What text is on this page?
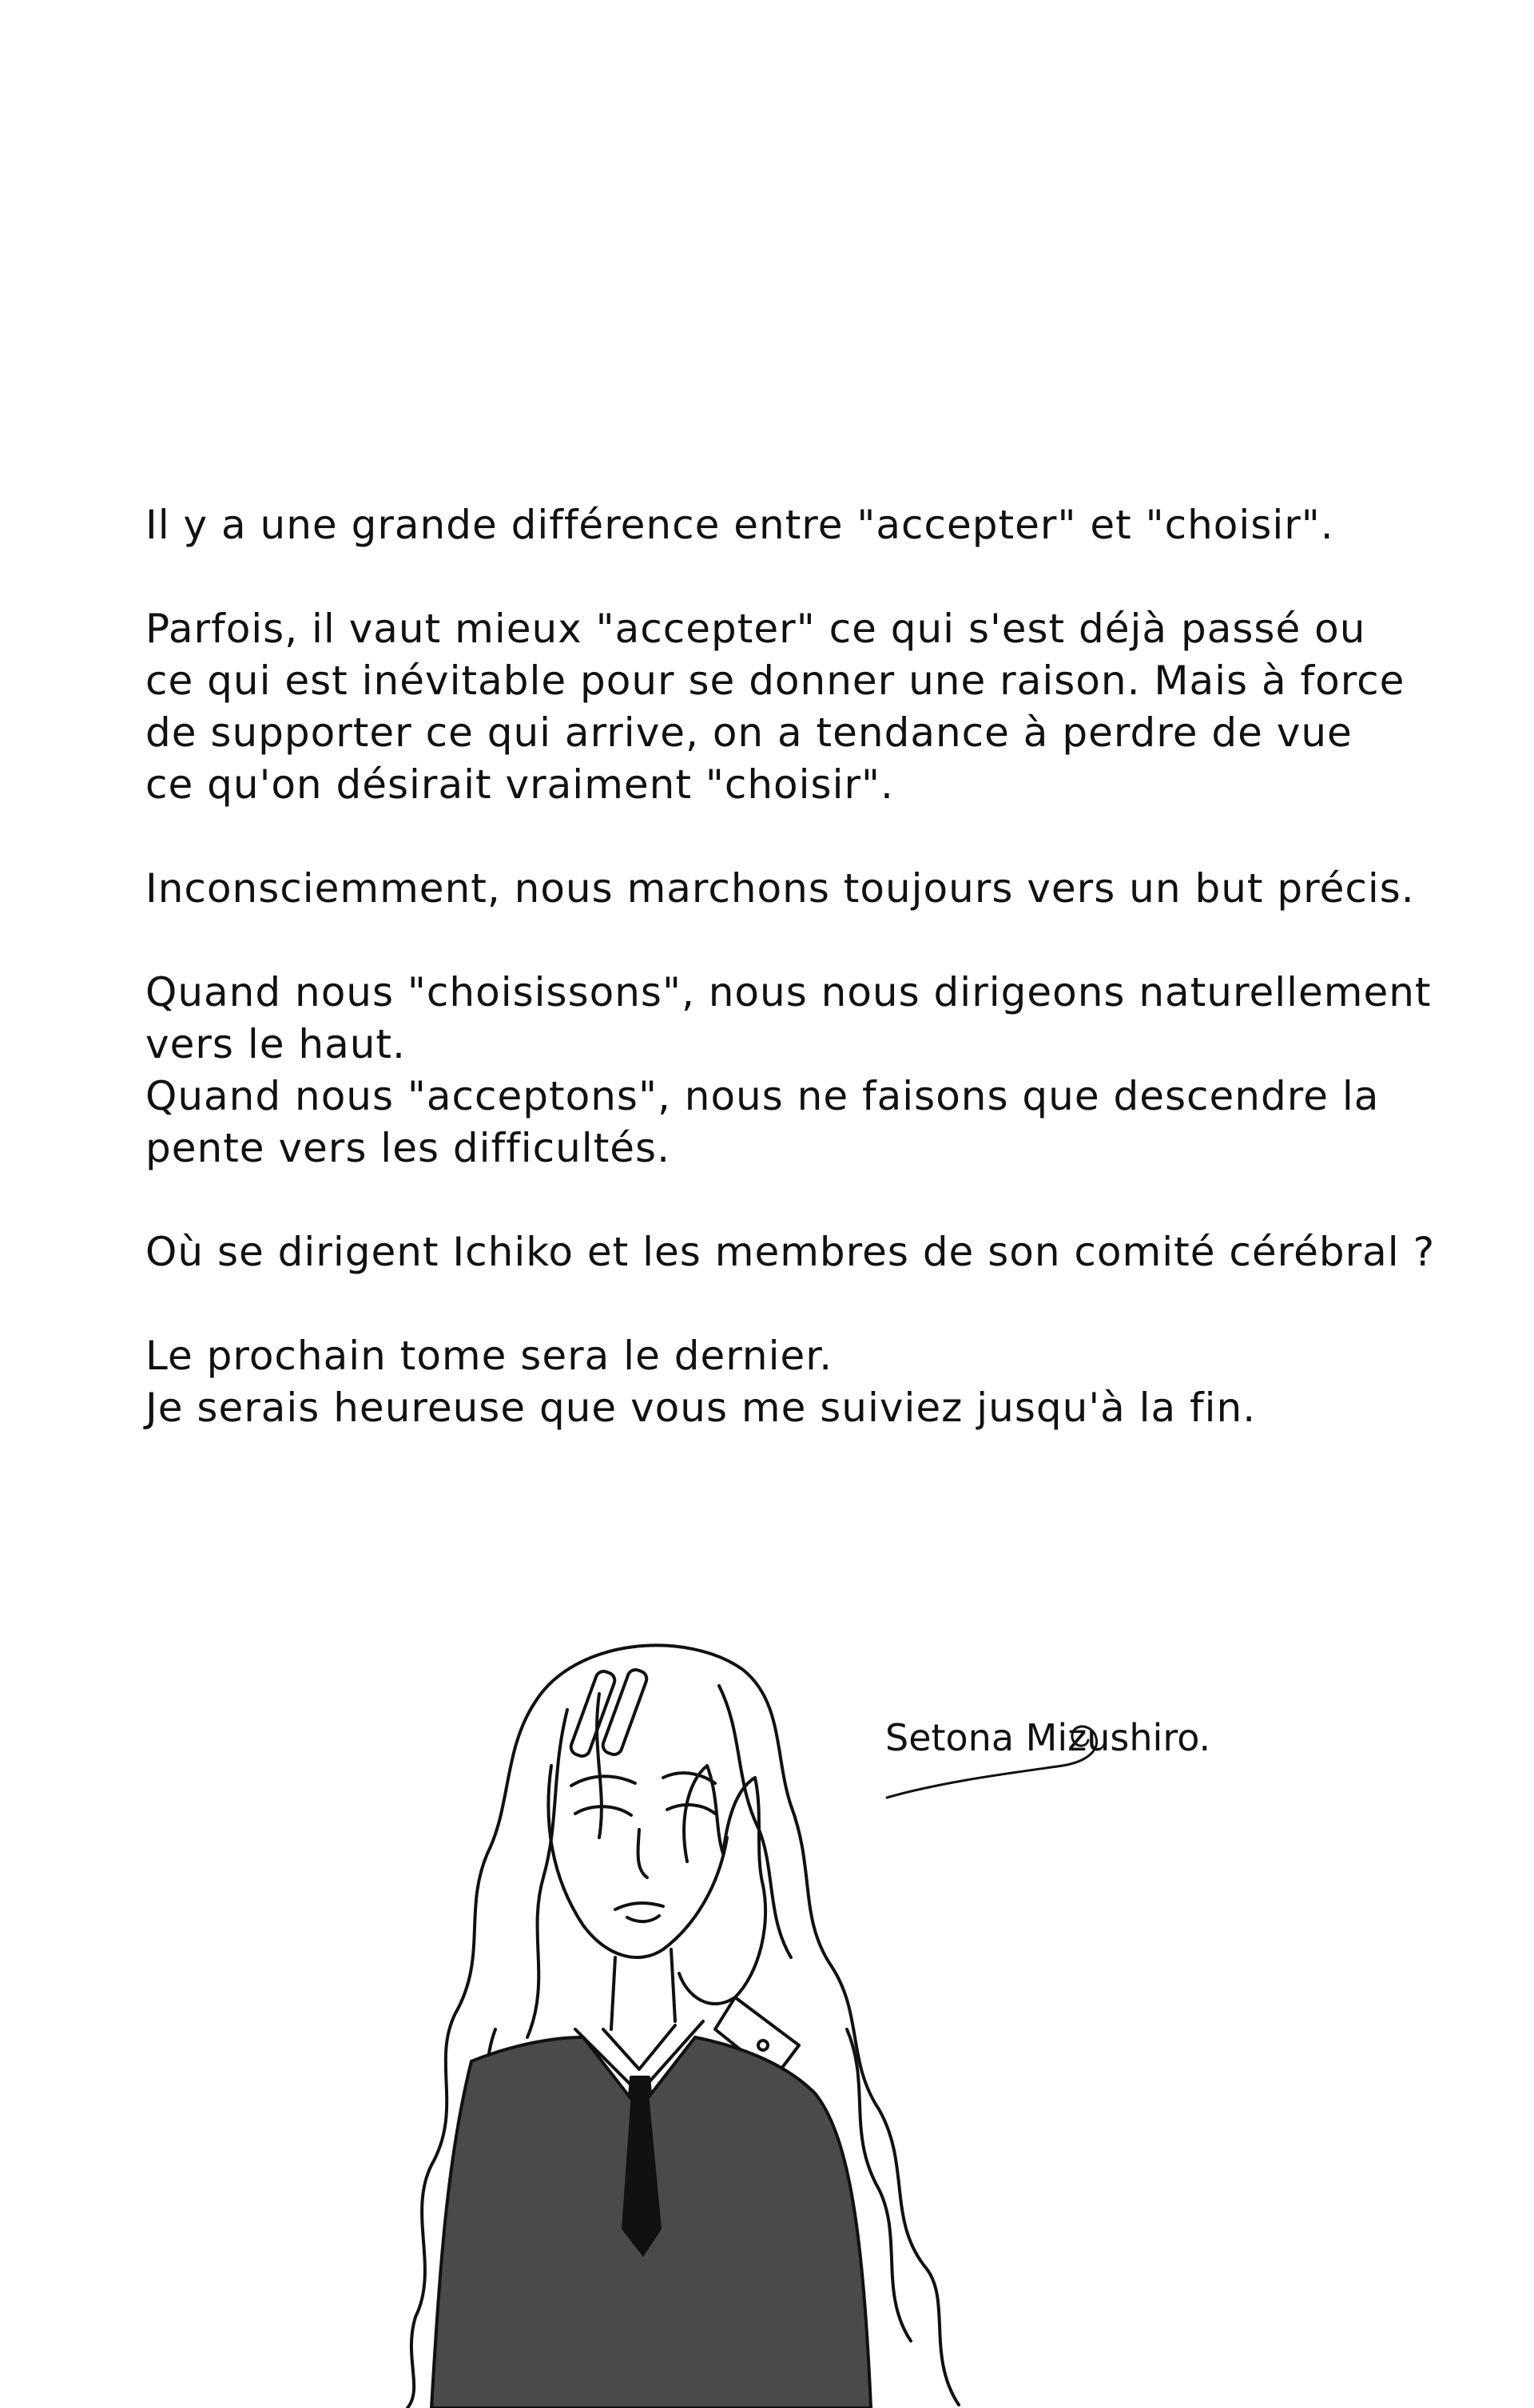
Il y a une grande différence entre "accepter" et "choisir".

Parfois, il vaut mieux "accepter" ce qui s'est déjà passé ou
ce qui est inévitable pour se donner une raison. Mais à force
de supporter ce qui arrive, on a tendance à perdre de vue
ce qu'on désirait vraiment "choisir".

Inconsciemment, nous marchons toujours vers un but précis.

Quand nous "choisissons", nous nous dirigeons naturellement
vers le haut.
Quand nous "acceptons", nous ne faisons que descendre la
pente vers les difficultés.

Où se dirigent Ichiko et les membres de son comité cérébral ?

Le prochain tome sera le dernier.
Je serais heureuse que vous me suiviez jusqu'à la fin.

Setona Mizushiro.
